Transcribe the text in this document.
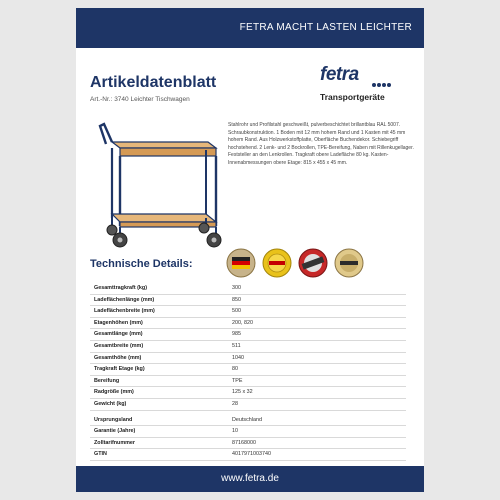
FETRA MACHT LASTEN LEICHTER
Artikeldatenblatt
Art.-Nr.: 3740 Leichter Tischwagen
fetra
Transportgeräte
Stahlrohr und Profilstahl geschweißt, pulverbeschichtet brillantblau RAL 5007. Schraubkonstruktion. 1 Boden mit 12 mm hohem Rand und 1 Kasten mit 45 mm hohem Rand. Aus Holzwerkstoffplatte, Oberfläche Buchendekor. Schiebegriff hochstehend. 2 Lenk- und 2 Bockrollen, TPE-Bereifung, Naben mit Rillenkugellager. Feststeller an den Lenkrollen. Tragkraft obere Ladefläche 80 kg. Kasten-Innenabmessungen obere Etage: 815 x 455 x 45 mm.
Technische Details:
Gesamttragkraft (kg)	300
Ladeflächenlänge (mm)	850
Ladeflächenbreite (mm)	500
Etagenhöhen (mm)	200, 820
Gesamtlänge (mm)	985
Gesamtbreite (mm)	511
Gesamthöhe (mm)	1040
Tragkraft Etage (kg)	80
Bereifung	TPE
Radgröße (mm)	125 x 32
Gewicht (kg)	28
Ursprungsland	Deutschland
Garantie (Jahre)	10
Zolltarifnummer	87168000
GTIN	4017971003740
www.fetra.de
